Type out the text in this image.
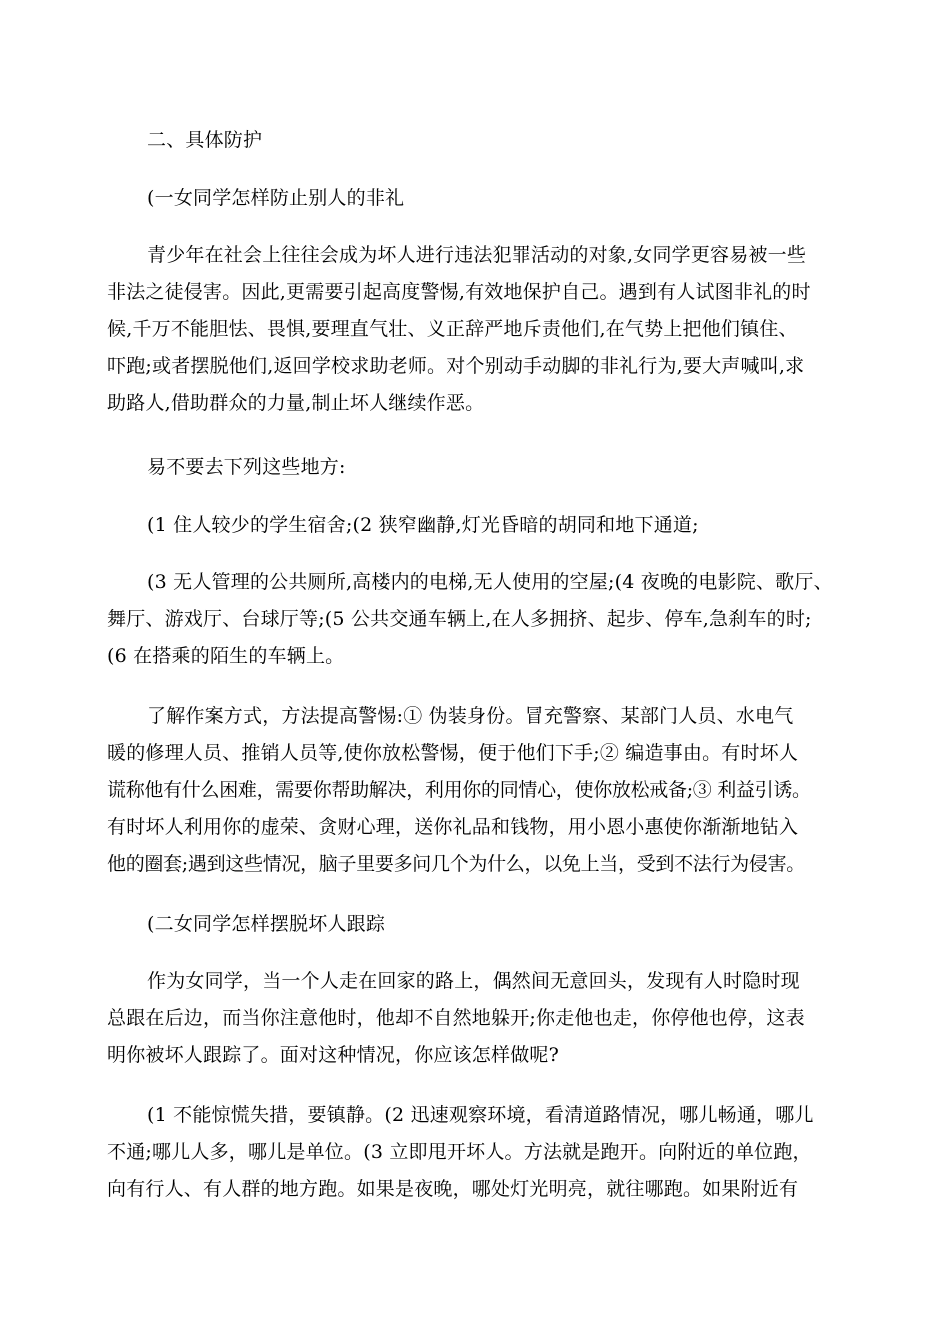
二、具体防护
(一女同学怎样防止别人的非礼
青少年在社会上往往会成为坏人进行违法犯罪活动的对象,女同学更容易被一些
非法之徒侵害。因此,更需要引起高度警惕,有效地保护自己。遇到有人试图非礼的时
候,千万不能胆怯、畏惧,要理直气壮、义正辞严地斥责他们,在气势上把他们镇住、
吓跑;或者摆脱他们,返回学校求助老师。对个别动手动脚的非礼行为,要大声喊叫,求
助路人,借助群众的力量,制止坏人继续作恶。
易不要去下列这些地方:
(1 住人较少的学生宿舍;(2 狭窄幽静,灯光昏暗的胡同和地下通道;
(3 无人管理的公共厕所,高楼内的电梯,无人使用的空屋;(4 夜晚的电影院、歌厅、
舞厅、游戏厅、台球厅等;(5 公共交通车辆上,在人多拥挤、起步、停车,急刹车的时;
(6 在搭乘的陌生的车辆上。
了解作案方式，方法提高警惕:① 伪装身份。冒充警察、某部门人员、水电气
暖的修理人员、推销人员等,使你放松警惕，便于他们下手;② 编造事由。有时坏人
谎称他有什么困难，需要你帮助解决，利用你的同情心，使你放松戒备;③ 利益引诱。
有时坏人利用你的虚荣、贪财心理，送你礼品和钱物，用小恩小惠使你渐渐地钻入
他的圈套;遇到这些情况，脑子里要多问几个为什么，以免上当，受到不法行为侵害。
(二女同学怎样摆脱坏人跟踪
作为女同学，当一个人走在回家的路上，偶然间无意回头，发现有人时隐时现
总跟在后边，而当你注意他时，他却不自然地躲开;你走他也走，你停他也停，这表
明你被坏人跟踪了。面对这种情况，你应该怎样做呢?
(1 不能惊慌失措，要镇静。(2 迅速观察环境，看清道路情况，哪儿畅通，哪儿
不通;哪儿人多，哪儿是单位。(3 立即甩开坏人。方法就是跑开。向附近的单位跑，
向有行人、有人群的地方跑。如果是夜晚，哪处灯光明亮，就往哪跑。如果附近有
